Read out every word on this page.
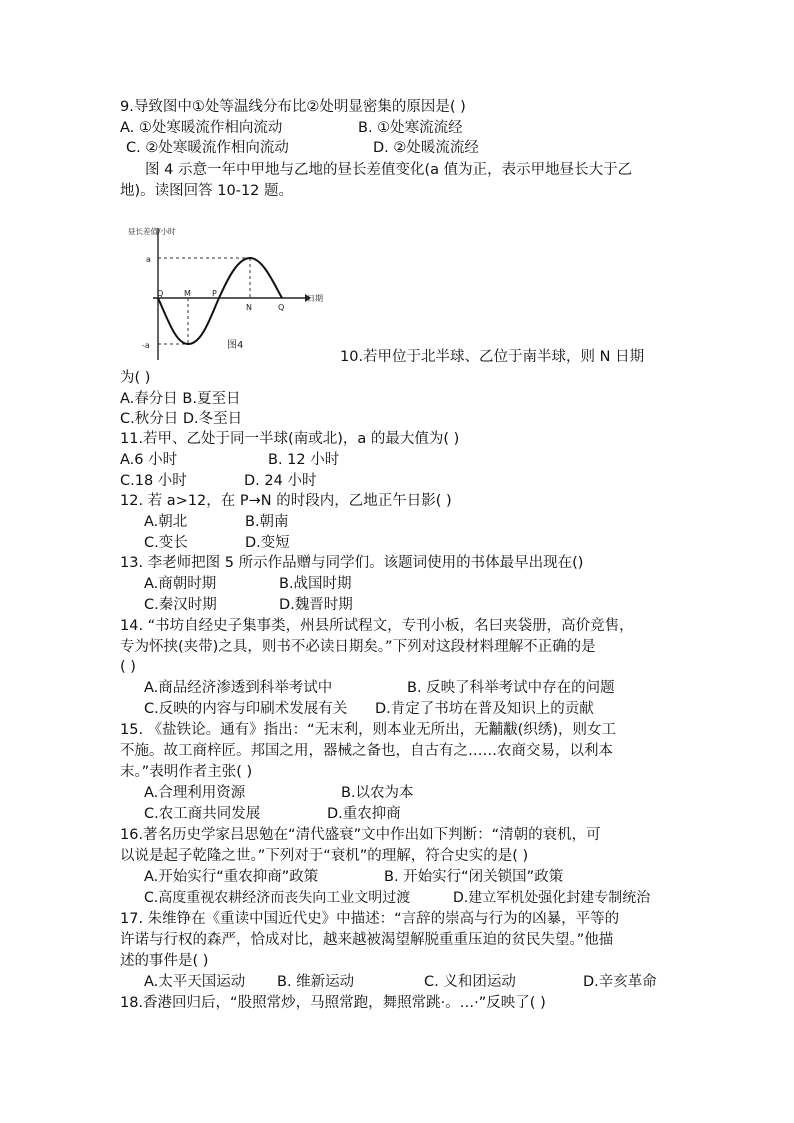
9.导致图中①处等温线分布比②处明显密集的原因是( )
A. ①处寒暖流作相向流动	B. ①处寒流流经
C. ②处寒暖流作相向流动	D. ②处暖流流经
图 4 示意一年中甲地与乙地的昼长差值变化(a 值为正，表示甲地昼长大于乙
地)。读图回答 10-12 题。
昼长差值/小时
a
-a
日期
Q	M	P
N	Q
图4
10.若甲位于北半球、乙位于南半球，则 N 日期
为( )
A.春分日 B.夏至日
C.秋分日 D.冬至日
11.若甲、乙处于同一半球(南或北)，a 的最大值为( )
A.6 小时	B. 12 小时
C.18 小时	D. 24 小时
12. 若 a>12，在 P→N 的时段内，乙地正午日影( )
A.朝北	B.朝南
C.变长	D.变短
13. 李老师把图 5 所示作品赠与同学们。该题词使用的书体最早出现在()
A.商朝时期	B.战国时期
C.秦汉时期	D.魏晋时期
14. “书坊自经史子集事类，州县所试程文，专刊小板，名曰夹袋册，高价竞售，
专为怀挟(夹带)之具，则书不必读日期矣。”下列对这段材料理解不正确的是
( )
A.商品经济渗透到科举考试中	B. 反映了科举考试中存在的问题
C.反映的内容与印刷术发展有关 D.肯定了书坊在普及知识上的贡献
15. 《盐铁论。通有》指出：“无末利，则本业无所出，无黼黻(织绣)，则女工
不施。故工商梓匠。邦国之用，器械之备也，自古有之……农商交易，以利本
末。”表明作者主张( )
A.合理利用资源	B.以农为本
C.农工商共同发展	D.重农抑商
16.著名历史学家吕思勉在“清代盛衰”文中作出如下判断：“清朝的衰机，可
以说是起子乾隆之世。”下列对于“衰机”的理解，符合史实的是( )
A.开始实行“重农抑商”政策	B. 开始实行“闭关锁国”政策
C.高度重视农耕经济而丧失向工业文明过渡	D.建立军机处强化封建专制统治
17. 朱维铮在《重读中国近代史》中描述：“言辞的崇高与行为的凶暴，平等的
许诺与行权的森严，恰成对比，越来越被渴望解脱重重压迫的贫民失望。”他描
述的事件是( )
A.太平天国运动 B. 维新运动	C. 义和团运动	D.辛亥革命
18.香港回归后，“股照常炒，马照常跑，舞照常跳·。…·”反映了( )
